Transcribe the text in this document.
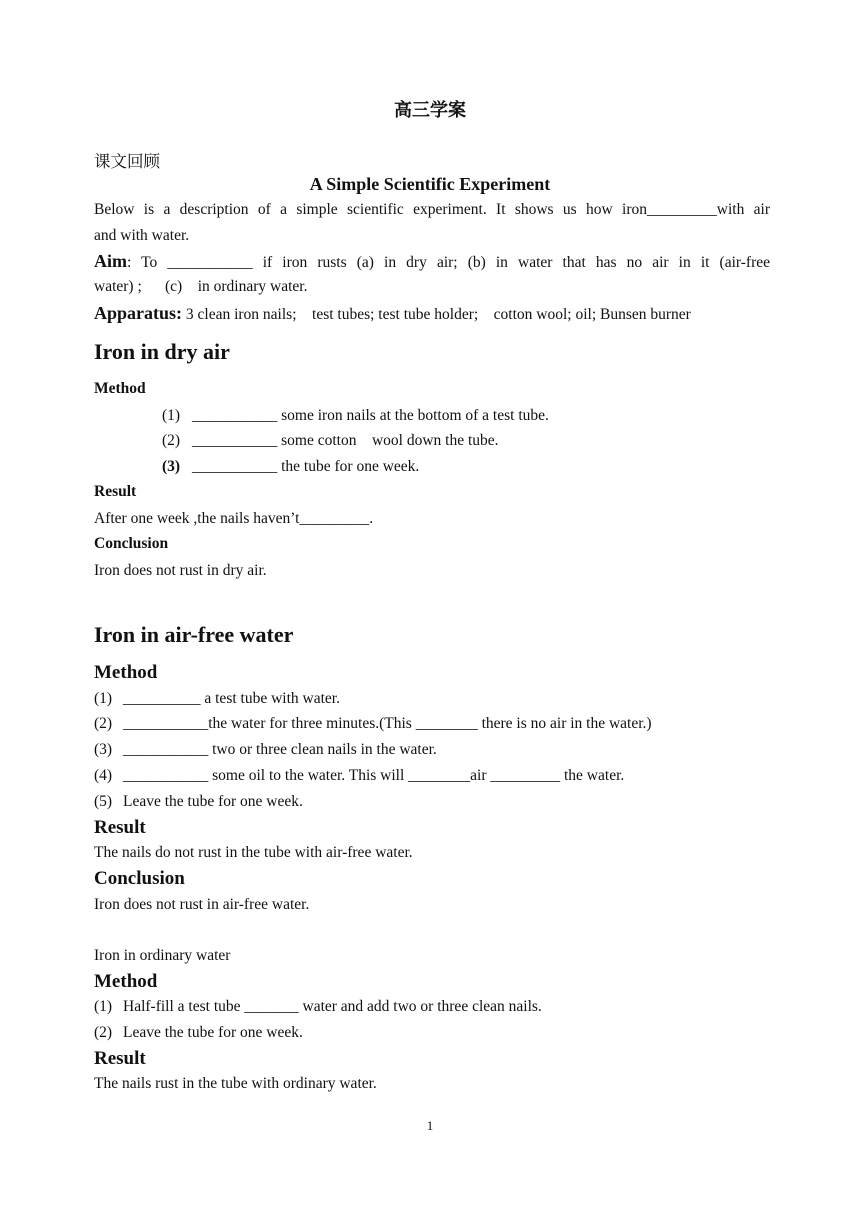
高三学案
课文回顾
A Simple Scientific Experiment
Below is a description of a simple scientific experiment. It shows us how iron_________with air
and with water.
Aim: To ___________ if iron rusts (a) in dry air; (b) in water that has no air in it (air-free
water) ;      (c)    in ordinary water.
Apparatus: 3 clean iron nails;    test tubes; test tube holder;    cotton wool; oil; Bunsen burner
Iron in dry air
Method
(1) ___________ some iron nails at the bottom of a test tube.
(2) ___________ some cotton    wool down the tube.
(3) ___________ the tube for one week.
Result
After one week ,the nails haven’t_________.
Conclusion
Iron does not rust in dry air.
Iron in air-free water
Method
(1) __________ a test tube with water.
(2) ___________the water for three minutes.(This ________ there is no air in the water.)
(3) ___________ two or three clean nails in the water.
(4) ___________ some oil to the water. This will ________air _________ the water.
(5) Leave the tube for one week.
Result
The nails do not rust in the tube with air-free water.
Conclusion
Iron does not rust in air-free water.
Iron in ordinary water
Method
(1) Half-fill a test tube _______ water and add two or three clean nails.
(2) Leave the tube for one week.
Result
The nails rust in the tube with ordinary water.
1
